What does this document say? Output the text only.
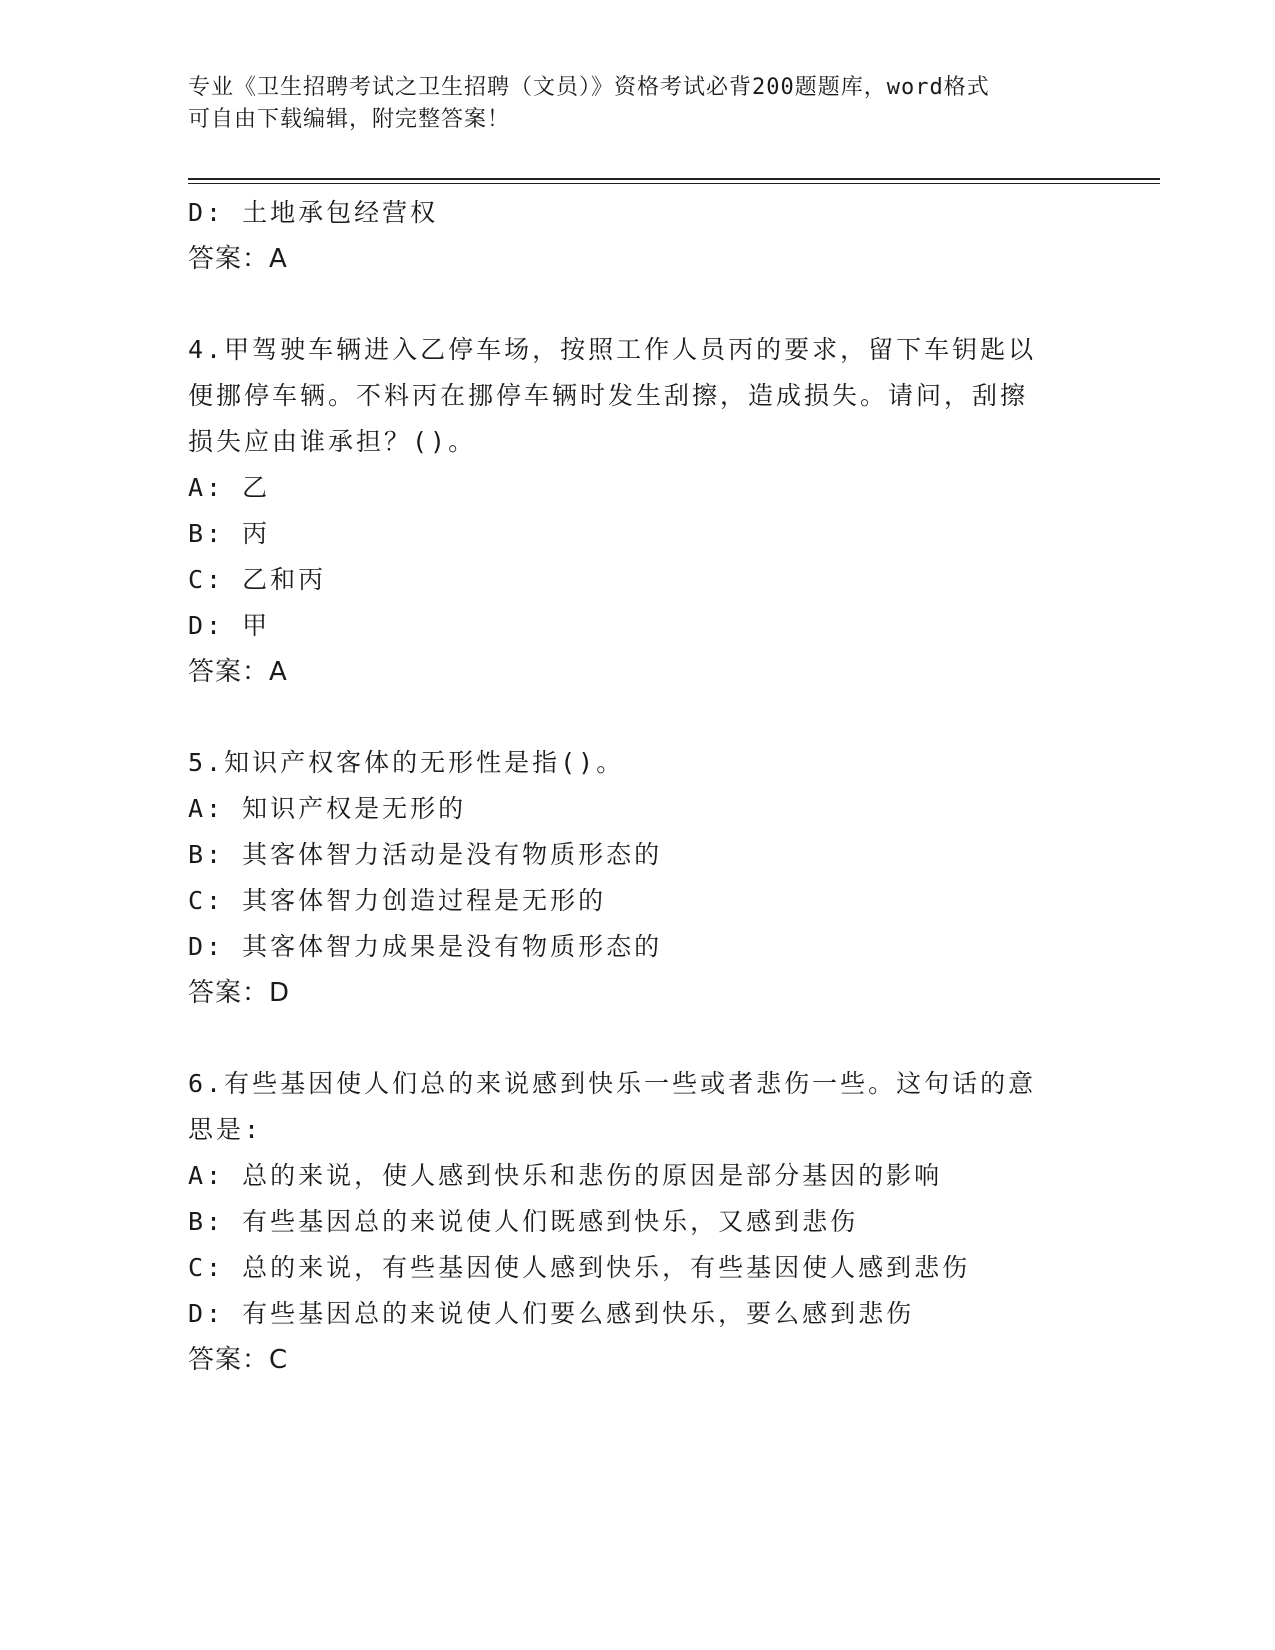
专业《卫生招聘考试之卫生招聘（文员）》资格考试必背200题题库，word格式
可自由下载编辑，附完整答案！
D: 土地承包经营权
答案：A
4.甲驾驶车辆进入乙停车场，按照工作人员丙的要求，留下车钥匙以
便挪停车辆。不料丙在挪停车辆时发生刮擦，造成损失。请问，刮擦
损失应由谁承担？()。
A: 乙
B: 丙
C: 乙和丙
D: 甲
答案：A
5.知识产权客体的无形性是指()。
A: 知识产权是无形的
B: 其客体智力活动是没有物质形态的
C: 其客体智力创造过程是无形的
D: 其客体智力成果是没有物质形态的
答案：D
6.有些基因使人们总的来说感到快乐一些或者悲伤一些。这句话的意
思是:
A: 总的来说，使人感到快乐和悲伤的原因是部分基因的影响
B: 有些基因总的来说使人们既感到快乐，又感到悲伤
C: 总的来说，有些基因使人感到快乐，有些基因使人感到悲伤
D: 有些基因总的来说使人们要么感到快乐，要么感到悲伤
答案：C
